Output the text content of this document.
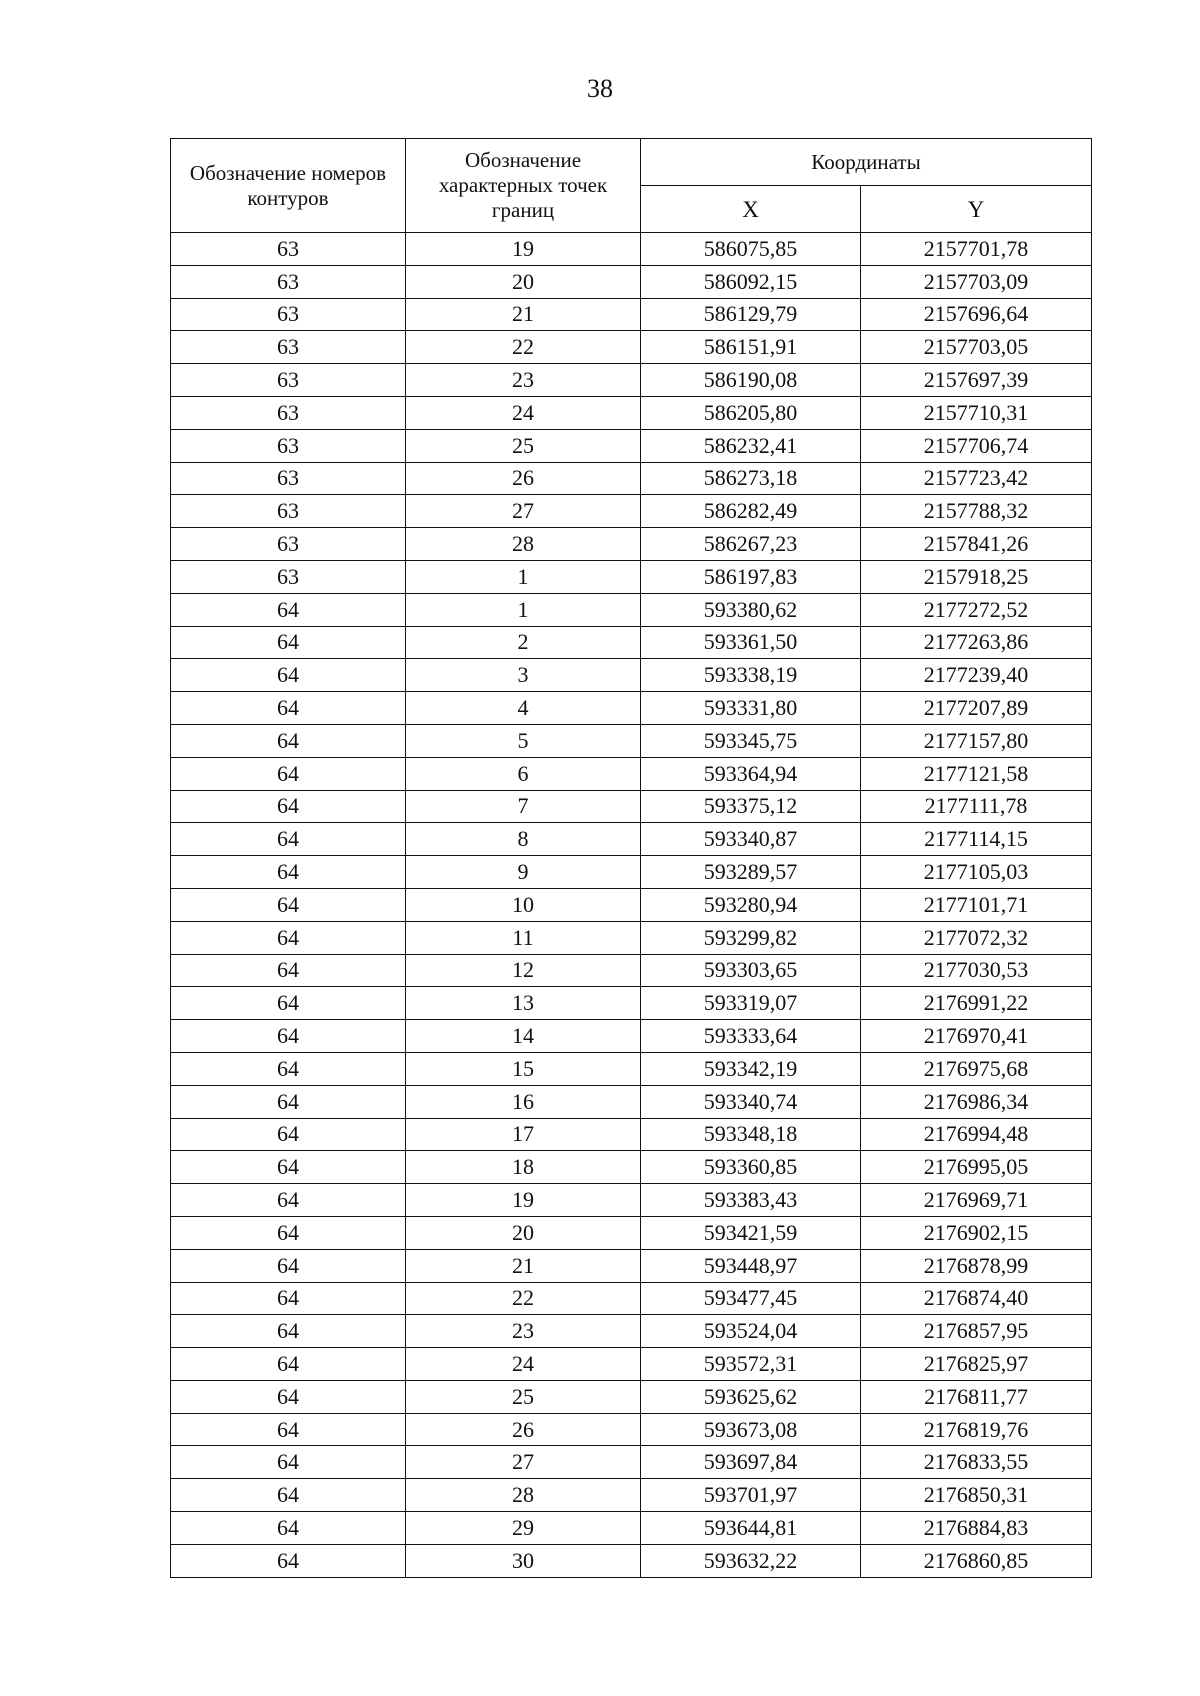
38
Обозначение номеров контуров	Обозначение характерных точек границ	Координаты	
		X	Y
63	19	586075,85	2157701,78
63	20	586092,15	2157703,09
63	21	586129,79	2157696,64
63	22	586151,91	2157703,05
63	23	586190,08	2157697,39
63	24	586205,80	2157710,31
63	25	586232,41	2157706,74
63	26	586273,18	2157723,42
63	27	586282,49	2157788,32
63	28	586267,23	2157841,26
63	1	586197,83	2157918,25
64	1	593380,62	2177272,52
64	2	593361,50	2177263,86
64	3	593338,19	2177239,40
64	4	593331,80	2177207,89
64	5	593345,75	2177157,80
64	6	593364,94	2177121,58
64	7	593375,12	2177111,78
64	8	593340,87	2177114,15
64	9	593289,57	2177105,03
64	10	593280,94	2177101,71
64	11	593299,82	2177072,32
64	12	593303,65	2177030,53
64	13	593319,07	2176991,22
64	14	593333,64	2176970,41
64	15	593342,19	2176975,68
64	16	593340,74	2176986,34
64	17	593348,18	2176994,48
64	18	593360,85	2176995,05
64	19	593383,43	2176969,71
64	20	593421,59	2176902,15
64	21	593448,97	2176878,99
64	22	593477,45	2176874,40
64	23	593524,04	2176857,95
64	24	593572,31	2176825,97
64	25	593625,62	2176811,77
64	26	593673,08	2176819,76
64	27	593697,84	2176833,55
64	28	593701,97	2176850,31
64	29	593644,81	2176884,83
64	30	593632,22	2176860,85
